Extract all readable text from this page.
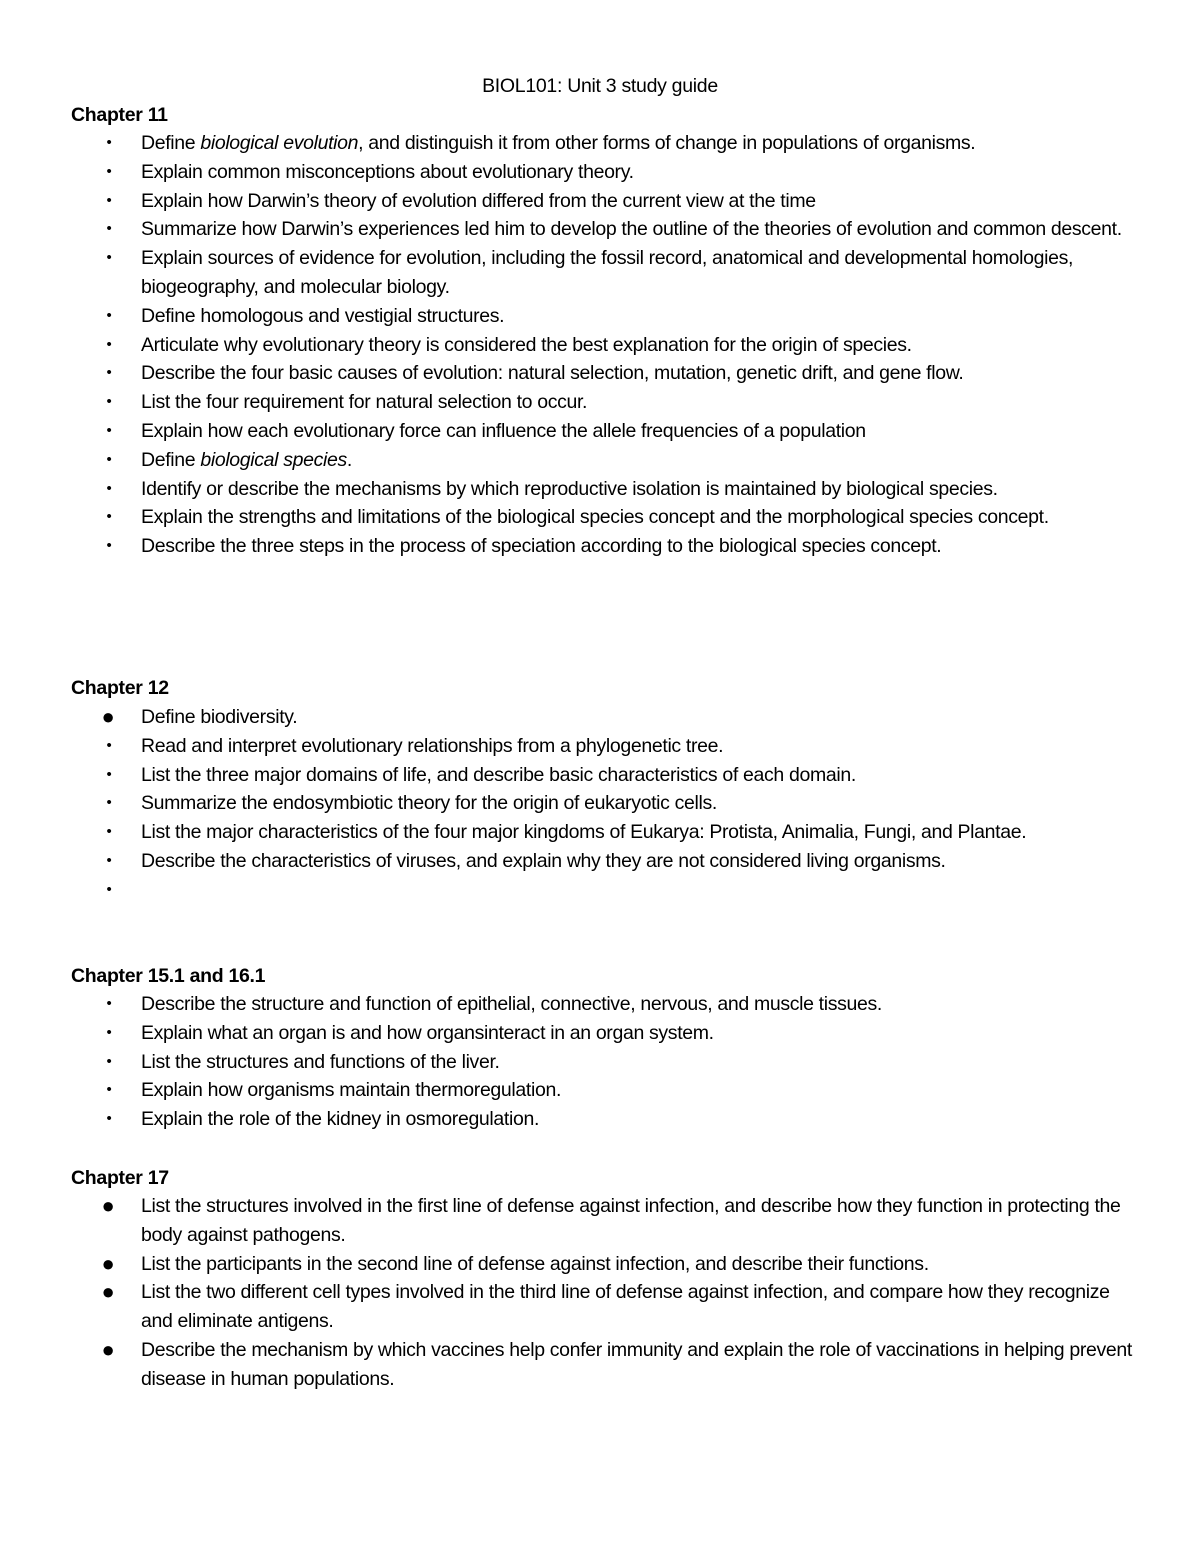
BIOL101: Unit 3 study guide
Chapter 11
• Define biological evolution, and distinguish it from other forms of change in populations of organisms.
• Explain common misconceptions about evolutionary theory.
• Explain how Darwin’s theory of evolution differed from the current view at the time
• Summarize how Darwin’s experiences led him to develop the outline of the theories of evolution and common descent.
• Explain sources of evidence for evolution, including the fossil record, anatomical and developmental homologies, biogeography, and molecular biology.
• Define homologous and vestigial structures.
• Articulate why evolutionary theory is considered the best explanation for the origin of species.
• Describe the four basic causes of evolution: natural selection, mutation, genetic drift, and gene flow.
• List the four requirement for natural selection to occur.
• Explain how each evolutionary force can influence the allele frequencies of a population
• Define biological species.
• Identify or describe the mechanisms by which reproductive isolation is maintained by biological species.
• Explain the strengths and limitations of the biological species concept and the morphological species concept.
• Describe the three steps in the process of speciation according to the biological species concept.
Chapter 12
● Define biodiversity.
• Read and interpret evolutionary relationships from a phylogenetic tree.
• List the three major domains of life, and describe basic characteristics of each domain.
• Summarize the endosymbiotic theory for the origin of eukaryotic cells.
• List the major characteristics of the four major kingdoms of Eukarya: Protista, Animalia, Fungi, and Plantae.
• Describe the characteristics of viruses, and explain why they are not considered living organisms.
•

Chapter 15.1 and 16.1
• Describe the structure and function of epithelial, connective, nervous, and muscle tissues.
• Explain what an organ is and how organsinteract in an organ system.
• List the structures and functions of the liver.
• Explain how organisms maintain thermoregulation.
• Explain the role of the kidney in osmoregulation.
Chapter 17
● List the structures involved in the first line of defense against infection, and describe how they function in protecting the body against pathogens.
● List the participants in the second line of defense against infection, and describe their functions.
● List the two different cell types involved in the third line of defense against infection, and compare how they recognize and eliminate antigens.
● Describe the mechanism by which vaccines help confer immunity and explain the role of vaccinations in helping prevent disease in human populations.
